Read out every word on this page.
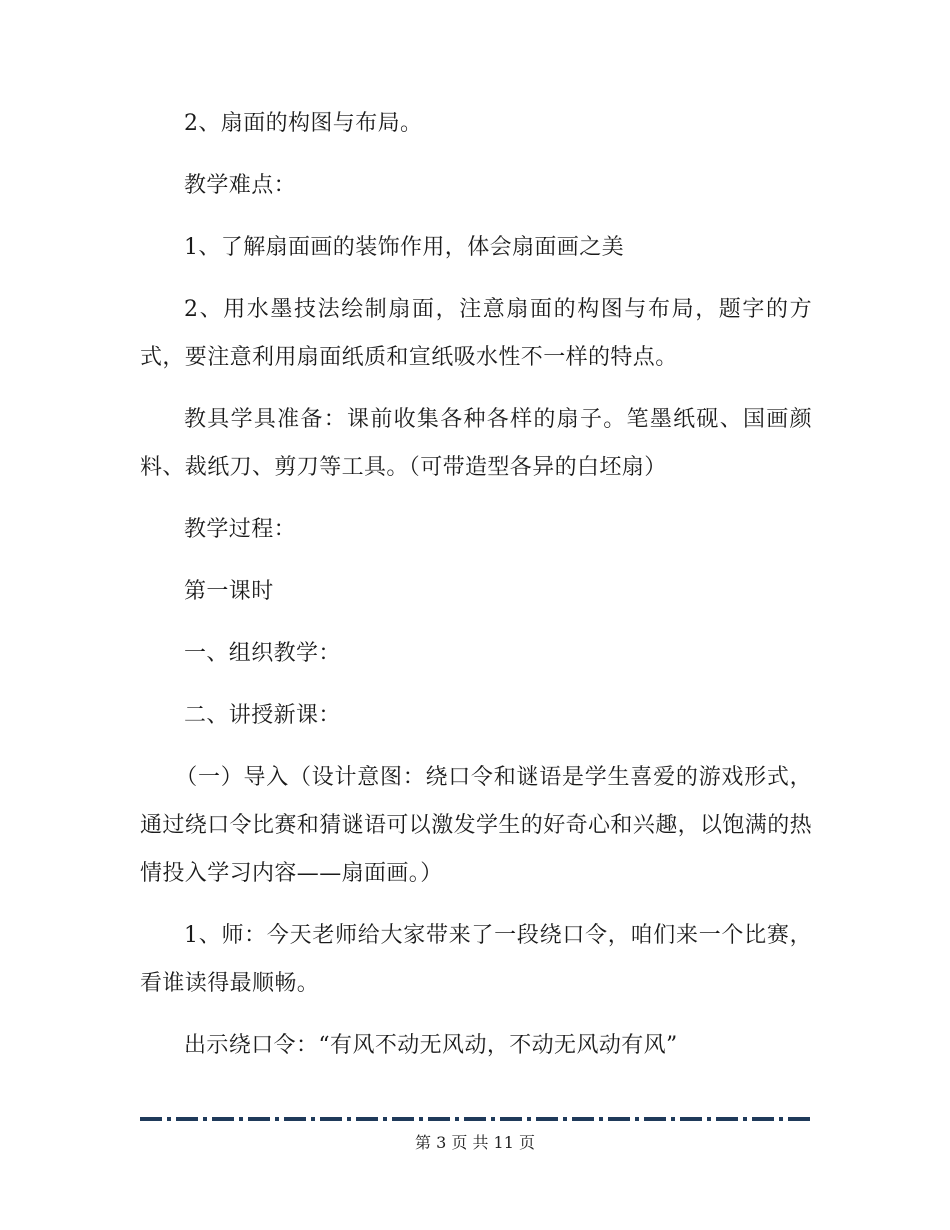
2、扇面的构图与布局。

教学难点：

1、了解扇面画的装饰作用，体会扇面画之美

2、用水墨技法绘制扇面，注意扇面的构图与布局，题字的方式，要注意利用扇面纸质和宣纸吸水性不一样的特点。

教具学具准备：课前收集各种各样的扇子。笔墨纸砚、国画颜料、裁纸刀、剪刀等工具。（可带造型各异的白坯扇）

教学过程：

第一课时

一、组织教学：

二、讲授新课：

（一）导入（设计意图：绕口令和谜语是学生喜爱的游戏形式，通过绕口令比赛和猜谜语可以激发学生的好奇心和兴趣，以饱满的热情投入学习内容——扇面画。）

1、师：今天老师给大家带来了一段绕口令，咱们来一个比赛，看谁读得最顺畅。

出示绕口令：“有风不动无风动，不动无风动有风”

第 3 页 共 11 页
